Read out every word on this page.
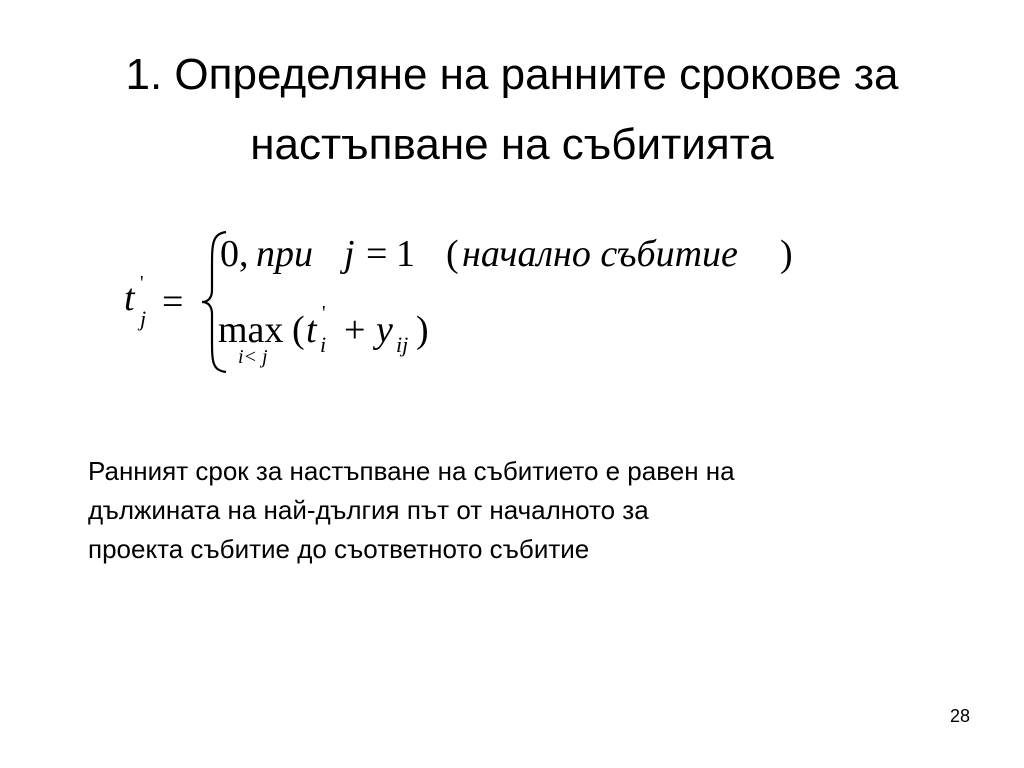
1. Определяне на ранните срокове за
настъпване на събитията
t '
j =
0, при j = 1 ( начално събитие )
max ( t '
i + y ij )
i< j
Ранният срок за настъпване на събитието е равен на
дължината на най-дългия път от началното за
проекта събитие до съответното събитие
28
